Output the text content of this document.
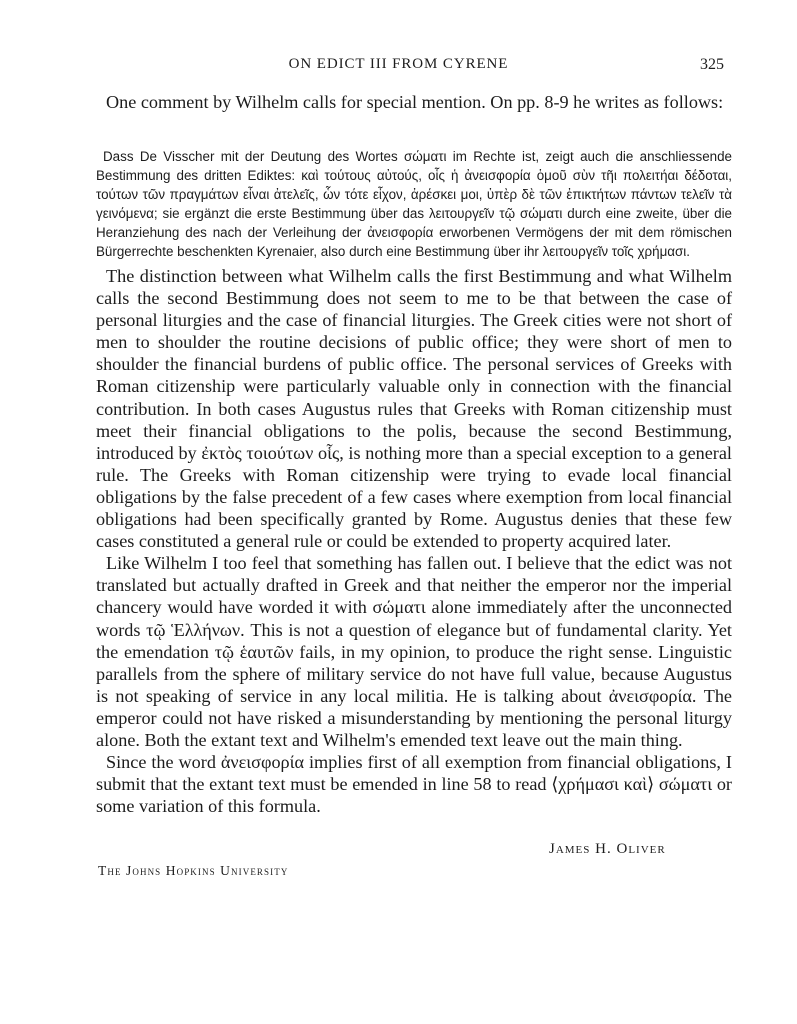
ON EDICT III FROM CYRENE	325

One comment by Wilhelm calls for special mention. On pp. 8-9 he writes as follows:

Dass De Visscher mit der Deutung des Wortes σώματι im Rechte ist, zeigt auch die anschliessende Bestimmung des dritten Ediktes: καὶ τούτους αὐτούς, οἷς ἡ ἀνεισφορία ὁμοῦ σὺν τῆι πολειτήαι δέδοται, τούτων τῶν πραγμάτων εἶναι ἀτελεῖς, ὧν τότε εἶχον, ἀρέσκει μοι, ὑπὲρ δὲ τῶν ἐπικτήτων πάντων τελεῖν τὰ γεινόμενα; sie ergänzt die erste Bestimmung über das λειτουργεῖν τῷ σώματι durch eine zweite, über die Heranziehung des nach der Verleihung der ἀνεισφορία erworbenen Vermögens der mit dem römischen Bürgerrechte beschenkten Kyrenaier, also durch eine Bestimmung über ihr λειτουργεῖν τοῖς χρήμασι.

The distinction between what Wilhelm calls the first Bestimmung and what Wilhelm calls the second Bestimmung does not seem to me to be that between the case of personal liturgies and the case of financial liturgies. The Greek cities were not short of men to shoulder the routine decisions of public office; they were short of men to shoulder the financial burdens of public office. The personal services of Greeks with Roman citizenship were particularly valuable only in connection with the financial contribution. In both cases Augustus rules that Greeks with Roman citizenship must meet their financial obligations to the polis, because the second Bestimmung, introduced by ἐκτὸς τοιούτων οἷς, is nothing more than a special exception to a general rule. The Greeks with Roman citizenship were trying to evade local financial obligations by the false precedent of a few cases where exemption from local financial obligations had been specifically granted by Rome. Augustus denies that these few cases constituted a general rule or could be extended to property acquired later.

Like Wilhelm I too feel that something has fallen out. I believe that the edict was not translated but actually drafted in Greek and that neither the emperor nor the imperial chancery would have worded it with σώματι alone immediately after the unconnected words τῷ Ἑλλήνων. This is not a question of elegance but of fundamental clarity. Yet the emendation τῷ ἑαυτῶν fails, in my opinion, to produce the right sense. Linguistic parallels from the sphere of military service do not have full value, because Augustus is not speaking of service in any local militia. He is talking about ἀνεισφορία. The emperor could not have risked a misunderstanding by mentioning the personal liturgy alone. Both the extant text and Wilhelm's emended text leave out the main thing.

Since the word ἀνεισφορία implies first of all exemption from financial obligations, I submit that the extant text must be emended in line 58 to read ⟨χρήμασι καὶ⟩ σώματι or some variation of this formula.

James H. Oliver
The Johns Hopkins University
